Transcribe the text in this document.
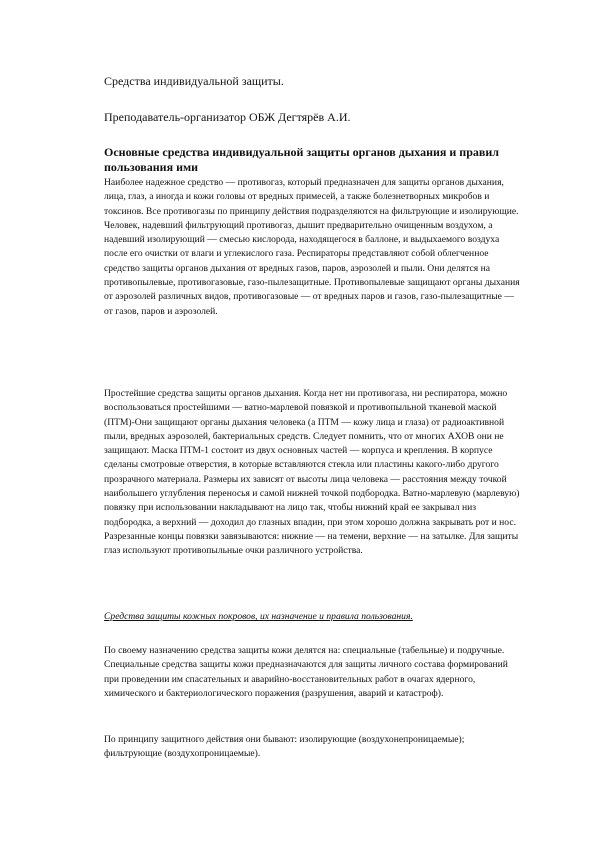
Средства индивидуальной защиты.

Преподаватель-организатор ОБЖ Дегтярёв А.И.

Основные средства индивидуальной защиты органов дыхания и правил пользования ими

Наиболее надежное средство — противогаз, который предназначен для защиты органов дыхания, лица, глаз, а иногда и кожи головы от вредных примесей, а также болезнетворных микробов и токсинов. Все противогазы по принципу действия подразделяются на фильтрующие и изолирующие. Человек, надевший фильтрующий противогаз, дышит предварительно очищенным воздухом, а надевший изолирующий — смесью кислорода, находящегося в баллоне, и выдыхаемого воздуха после его очистки от влаги и углекислого газа. Респираторы представляют собой облегченное средство защиты органов дыхания от вредных газов, паров, аэрозолей и пыли. Они делятся на противопылевые, противогазовые, газо-пылезащитные. Противопылевые защищают органы дыхания от аэрозолей различных видов, противогазовые — от вредных паров и газов, газо-пылезащитные — от газов, паров и аэрозолей.

Простейшие средства защиты органов дыхания. Когда нет ни противогаза, ни респиратора, можно воспользоваться простейшими — ватно-марлевой повязкой и противопыльной тканевой маской (ПТМ)-Они защищают органы дыхания человека (а ПТМ — кожу лица и глаза) от радиоактивной пыли, вредных аэрозолей, бактериальных средств. Следует помнить, что от многих АХОВ они не защищают. Маска ПТМ-1 состоит из двух основных частей — корпуса и крепления. В корпусе сделаны смотровые отверстия, в которые вставляются стекла или пластины какого-либо другого прозрачного материала. Размеры их зависят от высоты лица человека — расстояния между точкой наибольшего углубления переносья и самой нижней точкой подбородка. Ватно-марлевую (марлевую) повязку при использовании накладывают на лицо так, чтобы нижний край ее закрывал низ подбородка, а верхний — доходил до глазных впадин, при этом хорошо должна закрывать рот и нос. Разрезанные концы повязки завязываются: нижние — на темени, верхние — на затылке. Для защиты глаз используют противопыльные очки различного устройства.

Средства защиты кожных покровов, их назначение и правила пользования.

По своему назначению средства защиты кожи делятся на: специальные (табельные) и подручные. Специальные средства защиты кожи предназначаются для защиты личного состава формирований при проведении им спасательных и аварийно-восстановительных работ в очагах ядерного, химического и бактериологического поражения (разрушения, аварий и катастроф).

По принципу защитного действия они бывают: изолирующие (воздухонепроницаемые); фильтрующие (воздухопроницаемые).
